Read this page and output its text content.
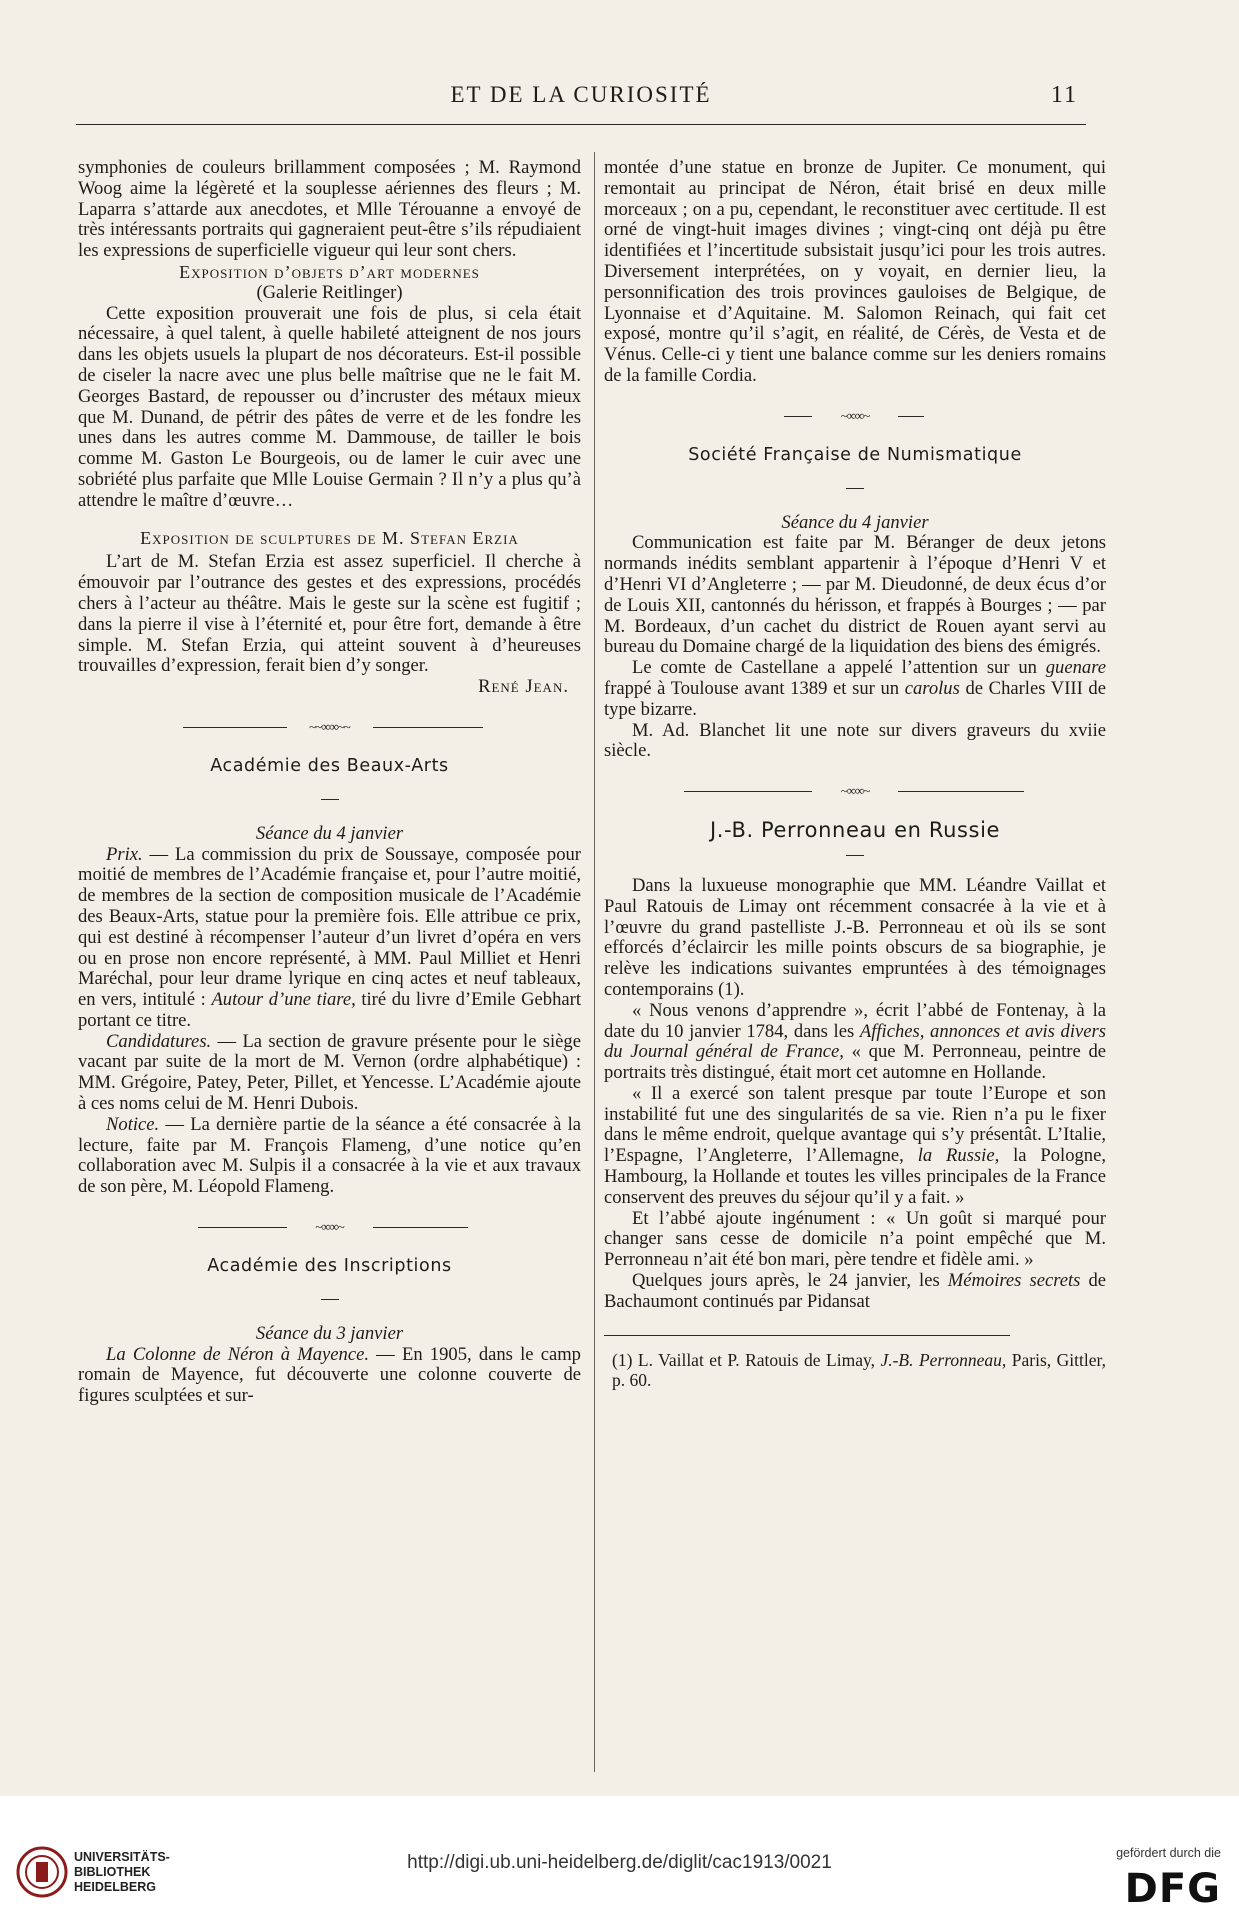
ET DE LA CURIOSITÉ	11

symphonies de couleurs brillamment composées ; M. Raymond Woog aime la légèreté et la souplesse aériennes des fleurs ; M. Laparra s’attarde aux anecdotes, et Mlle Térouanne a envoyé de très intéressants portraits qui gagneraient peut-être s’ils répudiaient les expressions de superficielle vigueur qui leur sont chers.

Exposition d’objets d’art modernes

(Galerie Reitlinger)

Cette exposition prouverait une fois de plus, si cela était nécessaire, à quel talent, à quelle habileté atteignent de nos jours dans les objets usuels la plupart de nos décorateurs. Est-il possible de ciseler la nacre avec une plus belle maîtrise que ne le fait M. Georges Bastard, de repousser ou d’incruster des métaux mieux que M. Dunand, de pétrir des pâtes de verre et de les fondre les unes dans les autres comme M. Dammouse, de tailler le bois comme M. Gaston Le Bourgeois, ou de lamer le cuir avec une sobriété plus parfaite que Mlle Louise Germain ? Il n’y a plus qu’à attendre le maître d’œuvre…

Exposition de sculptures de M. Stefan Erzia

L’art de M. Stefan Erzia est assez superficiel. Il cherche à émouvoir par l’outrance des gestes et des expressions, procédés chers à l’acteur au théâtre. Mais le geste sur la scène est fugitif ; dans la pierre il vise à l’éternité et, pour être fort, demande à être simple. M. Stefan Erzia, qui atteint souvent à d’heureuses trouvailles d’expression, ferait bien d’y songer.

René Jean.

~~∞∞~~

Académie des Beaux-Arts

Séance du 4 janvier

Prix. — La commission du prix de Soussaye, composée pour moitié de membres de l’Académie française et, pour l’autre moitié, de membres de la section de composition musicale de l’Académie des Beaux-Arts, statue pour la première fois. Elle attribue ce prix, qui est destiné à récompenser l’auteur d’un livret d’opéra en vers ou en prose non encore représenté, à MM. Paul Milliet et Henri Maréchal, pour leur drame lyrique en cinq actes et neuf tableaux, en vers, intitulé : Autour d’une tiare, tiré du livre d’Emile Gebhart portant ce titre.

Candidatures. — La section de gravure présente pour le siège vacant par suite de la mort de M. Vernon (ordre alphabétique) : MM. Grégoire, Patey, Peter, Pillet, et Yencesse. L’Académie ajoute à ces noms celui de M. Henri Dubois.

Notice. — La dernière partie de la séance a été consacrée à la lecture, faite par M. François Flameng, d’une notice qu’en collaboration avec M. Sulpis il a consacrée à la vie et aux travaux de son père, M. Léopold Flameng.

~∞∞~

Académie des Inscriptions

Séance du 3 janvier

La Colonne de Néron à Mayence. — En 1905, dans le camp romain de Mayence, fut découverte une colonne couverte de figures sculptées et sur-

montée d’une statue en bronze de Jupiter. Ce monument, qui remontait au principat de Néron, était brisé en deux mille morceaux ; on a pu, cependant, le reconstituer avec certitude. Il est orné de vingt-huit images divines ; vingt-cinq ont déjà pu être identifiées et l’incertitude subsistait jusqu’ici pour les trois autres. Diversement interprétées, on y voyait, en dernier lieu, la personnification des trois provinces gauloises de Belgique, de Lyonnaise et d’Aquitaine. M. Salomon Reinach, qui fait cet exposé, montre qu’il s’agit, en réalité, de Cérès, de Vesta et de Vénus. Celle-ci y tient une balance comme sur les deniers romains de la famille Cordia.

~∞∞~

Société Française de Numismatique

Séance du 4 janvier

Communication est faite par M. Béranger de deux jetons normands inédits semblant appartenir à l’époque d’Henri V et d’Henri VI d’Angleterre ; — par M. Dieudonné, de deux écus d’or de Louis XII, cantonnés du hérisson, et frappés à Bourges ; — par M. Bordeaux, d’un cachet du district de Rouen ayant servi au bureau du Domaine chargé de la liquidation des biens des émigrés.

Le comte de Castellane a appelé l’attention sur un guenare frappé à Toulouse avant 1389 et sur un carolus de Charles VIII de type bizarre.

M. Ad. Blanchet lit une note sur divers graveurs du xviie siècle.

~∞∞~

J.-B. Perronneau en Russie

Dans la luxueuse monographie que MM. Léandre Vaillat et Paul Ratouis de Limay ont récemment consacrée à la vie et à l’œuvre du grand pastelliste J.-B. Perronneau et où ils se sont efforcés d’éclaircir les mille points obscurs de sa biographie, je relève les indications suivantes empruntées à des témoignages contemporains (1).

« Nous venons d’apprendre », écrit l’abbé de Fontenay, à la date du 10 janvier 1784, dans les Affiches, annonces et avis divers du Journal général de France, « que M. Perronneau, peintre de portraits très distingué, était mort cet automne en Hollande.

« Il a exercé son talent presque par toute l’Europe et son instabilité fut une des singularités de sa vie. Rien n’a pu le fixer dans le même endroit, quelque avantage qui s’y présentât. L’Italie, l’Espagne, l’Angleterre, l’Allemagne, la Russie, la Pologne, Hambourg, la Hollande et toutes les villes principales de la France conservent des preuves du séjour qu’il y a fait. »

Et l’abbé ajoute ingénument : « Un goût si marqué pour changer sans cesse de domicile n’a point empêché que M. Perronneau n’ait été bon mari, père tendre et fidèle ami. »

Quelques jours après, le 24 janvier, les Mémoires secrets de Bachaumont continués par Pidansat

(1) L. Vaillat et P. Ratouis de Limay, J.-B. Perronneau, Paris, Gittler, p. 60.

UNIVERSITÄTS-BIBLIOTHEK HEIDELBERG
http://digi.ub.uni-heidelberg.de/diglit/cac1913/0021	gefördert durch die
DFG
